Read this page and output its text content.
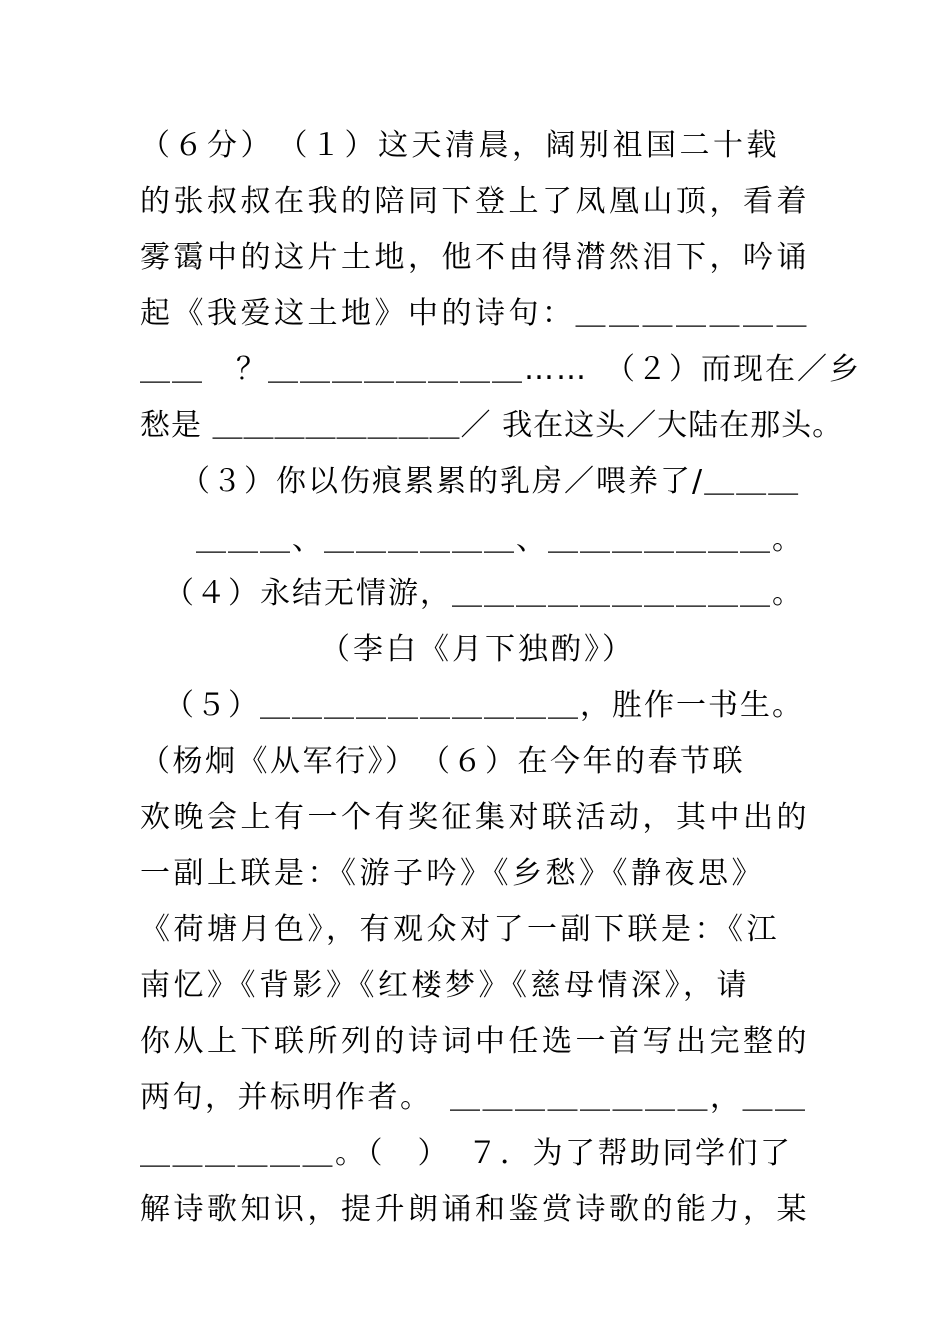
（６分）　（１）这天清晨，阔别祖国二十载
的张叔叔在我的陪同下登上了凤凰山顶，看着
雾霭中的这片土地，他不由得潸然泪下，吟诵
起《我爱这土地》中的诗句：＿＿＿＿＿＿＿
＿＿　？＿＿＿＿＿＿＿＿……　（２）而现在／乡
愁是 ＿＿＿＿＿＿＿＿／ 我在这头／大陆在那头。
（３）你以伤痕累累的乳房／喂养了/＿＿＿
＿＿＿、＿＿＿＿＿＿、＿＿＿＿＿＿＿。
（４）永结无情游，＿＿＿＿＿＿＿＿＿＿。
（李白《月下独酌》）
（５）＿＿＿＿＿＿＿＿＿＿，胜作一书生。
（杨炯《从军行》）　（６）在今年的春节联
欢晚会上有一个有奖征集对联活动，其中出的
一副上联是：《游子吟》《乡愁》《静夜思》
《荷塘月色》，有观众对了一副下联是：《江
南忆》《背影》《红楼梦》《慈母情深》，请
你从上下联所列的诗词中任选一首写出完整的
两句，并标明作者。　＿＿＿＿＿＿＿＿，＿＿
＿＿＿＿＿＿。（　）　７．为了帮助同学们了
解诗歌知识，提升朗诵和鉴赏诗歌的能力，某
